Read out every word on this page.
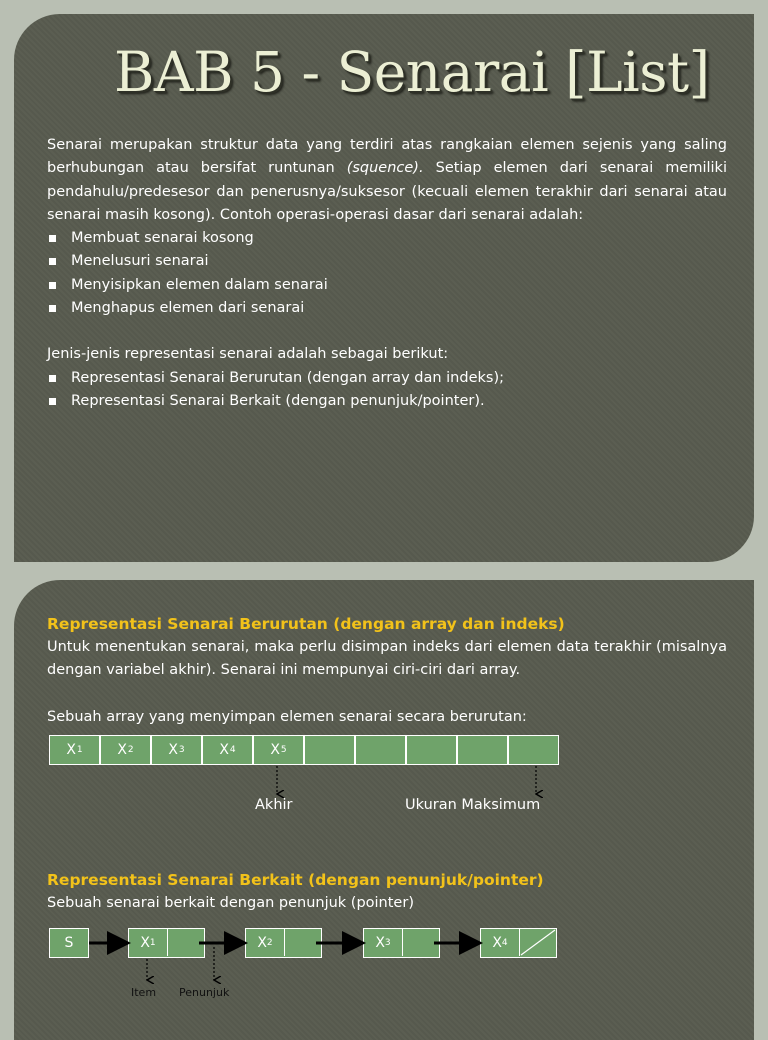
BAB 5 - Senarai [List]

Senarai merupakan struktur data yang terdiri atas rangkaian elemen sejenis yang saling berhubungan atau bersifat runtunan (squence). Setiap elemen dari senarai memiliki pendahulu/predesesor dan penerusnya/suksesor (kecuali elemen terakhir dari senarai atau senarai masih kosong). Contoh operasi-operasi dasar dari senarai adalah:

Membuat senarai kosong
Menelusuri senarai
Menyisipkan elemen dalam senarai
Menghapus elemen dari senarai

Jenis-jenis representasi senarai adalah sebagai berikut:

Representasi Senarai Berurutan (dengan array dan indeks);
Representasi Senarai Berkait (dengan penunjuk/pointer).

Representasi Senarai Berurutan (dengan array dan indeks)

Untuk menentukan senarai, maka perlu disimpan indeks dari elemen data terakhir (misalnya dengan variabel akhir). Senarai ini mempunyai ciri-ciri dari array.

Sebuah array yang menyimpan elemen senarai secara berurutan:

X 1 X 2 X 3 X 4 X 5
Akhir	Ukuran Maksimum

Representasi Senarai Berkait (dengan penunjuk/pointer)

Sebuah senarai berkait dengan penunjuk (pointer)

S	X 1	X 2	X 3	X 4
Item Penunjuk
